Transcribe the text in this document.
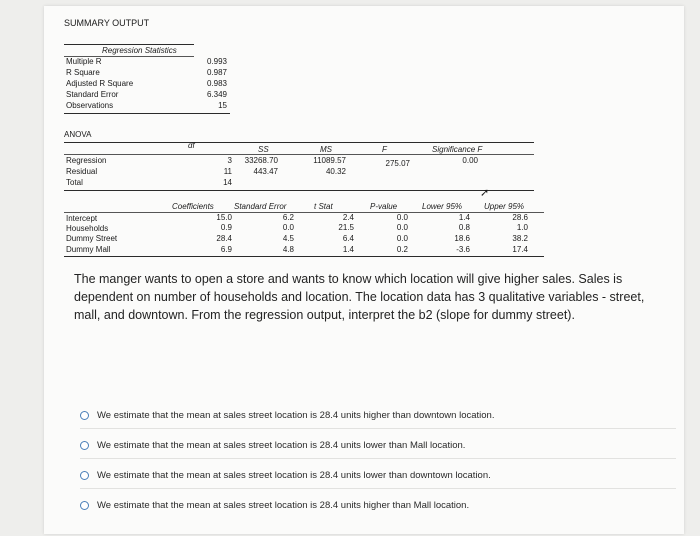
SUMMARY OUTPUT
Regression Statistics
Multiple R	0.993
R Square	0.987
Adjusted R Square	0.983
Standard Error	6.349
Observations	15
ANOVA
df	SS	MS	F	Significance F
Regression	3	33268.70	11089.57	275.07	0.00
Residual	11	443.47	40.32
Total	14
Coefficients	Standard Error	t Stat	P-value	Lower 95%	Upper 95%
➚
Intercept	15.0	6.2	2.4	0.0	1.4	28.6
Households	0.9	0.0	21.5	0.0	0.8	1.0
Dummy Street	28.4	4.5	6.4	0.0	18.6	38.2
Dummy Mall	6.9	4.8	1.4	0.2	-3.6	17.4
The manger wants to open a store and wants to know which location will give higher sales. Sales is dependent on number of households and location. The location data has 3 qualitative variables - street, mall, and downtown. From the regression output, interpret the b2 (slope for dummy street).
We estimate that the mean at sales street location is 28.4 units higher than downtown location.
We estimate that the mean at sales street location is 28.4 units lower than Mall location.
We estimate that the mean at sales street location is 28.4 units lower than downtown location.
We estimate that the mean at sales street location is 28.4 units higher than Mall location.
